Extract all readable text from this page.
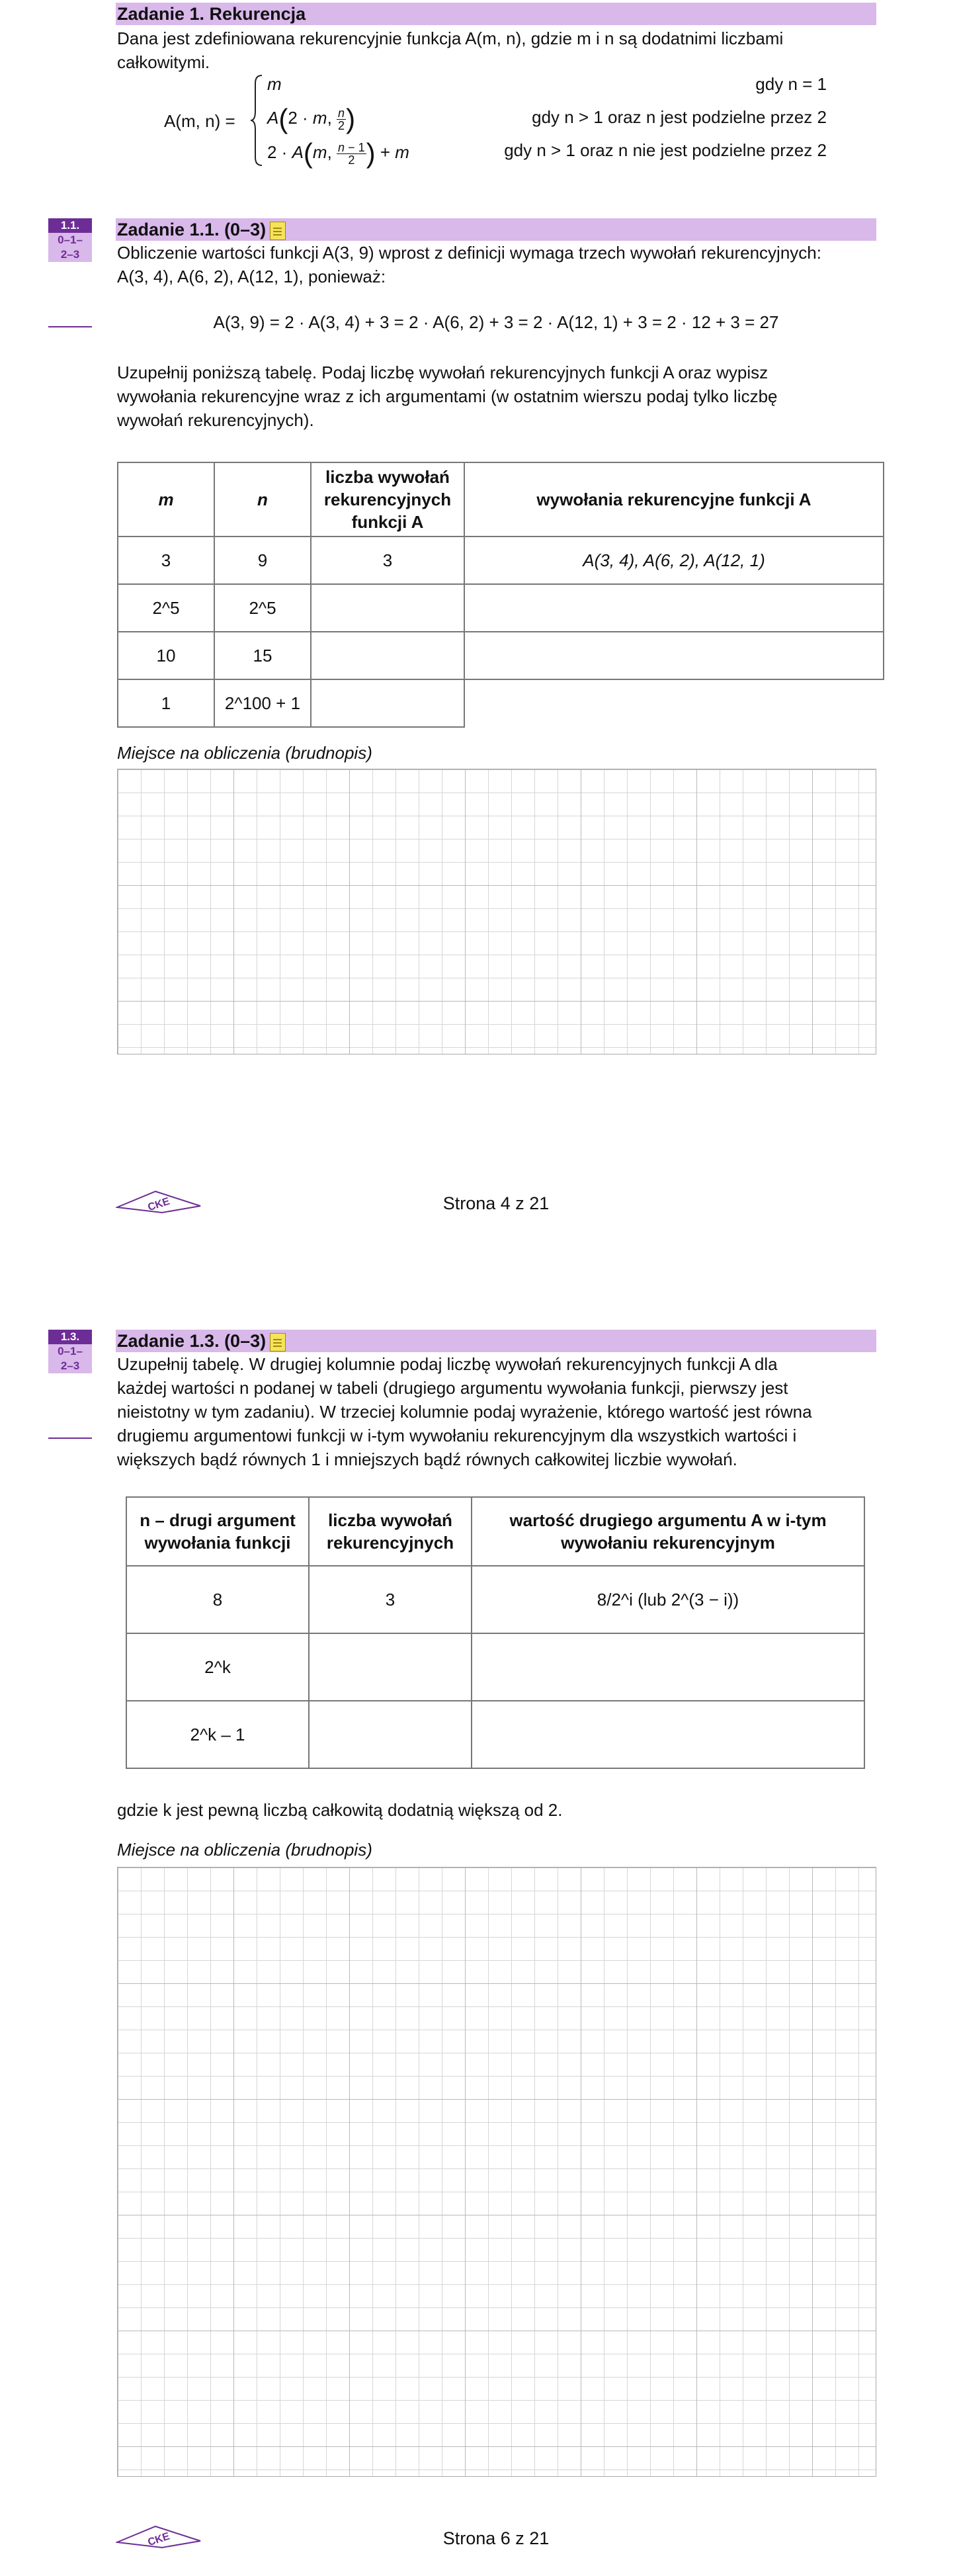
Zadanie 1. Rekurencja
Dana jest zdefiniowana rekurencyjnie funkcja A(m, n), gdzie m i n są dodatnimi liczbami
całkowitymi.
A(m, n) =
m
A(2 · m, $\frac{n}{2}$ )
2 · A(m, $\frac{n - 1}{2}$ ) + m
gdy n = 1
gdy n > 1 oraz n jest podzielne przez 2
gdy n > 1 oraz n nie jest podzielne przez 2
1.1.
0–1–
2–3
Zadanie 1.1. (0–3)
Obliczenie wartości funkcji A(3, 9) wprost z definicji wymaga trzech wywołań rekurencyjnych:
A(3, 4), A(6, 2), A(12, 1), ponieważ:
A(3, 9) = 2 · A(3, 4) + 3 = 2 · A(6, 2) + 3 = 2 · A(12, 1) + 3 = 2 · 12 + 3 = 27
Uzupełnij poniższą tabelę. Podaj liczbę wywołań rekurencyjnych funkcji A oraz wypisz
wywołania rekurencyjne wraz z ich argumentami (w ostatnim wierszu podaj tylko liczbę
wywołań rekurencyjnych).
m	n	liczba wywołań rekurencyjnych funkcji A	wywołania rekurencyjne funkcji A
3	9	3	A(3, 4), A(6, 2), A(12, 1)
2^5	2^5		
10	15		
1	2^100 + 1		
Miejsce na obliczenia (brudnopis)
CKE	Strona 4 z 21
1.3.
0–1–
2–3
Zadanie 1.3. (0–3)
Uzupełnij tabelę. W drugiej kolumnie podaj liczbę wywołań rekurencyjnych funkcji A dla
każdej wartości n podanej w tabeli (drugiego argumentu wywołania funkcji, pierwszy jest
nieistotny w tym zadaniu). W trzeciej kolumnie podaj wyrażenie, którego wartość jest równa
drugiemu argumentowi funkcji w i-tym wywołaniu rekurencyjnym dla wszystkich wartości i
większych bądź równych 1 i mniejszych bądź równych całkowitej liczbie wywołań.
n – drugi argument wywołania funkcji	liczba wywołań rekurencyjnych	wartość drugiego argumentu A w i-tym wywołaniu rekurencyjnym
8	3	8/2^i (lub 2^(3 − i))
2^k		
2^k – 1		
gdzie k jest pewną liczbą całkowitą dodatnią większą od 2.
Miejsce na obliczenia (brudnopis)
CKE	Strona 6 z 21
